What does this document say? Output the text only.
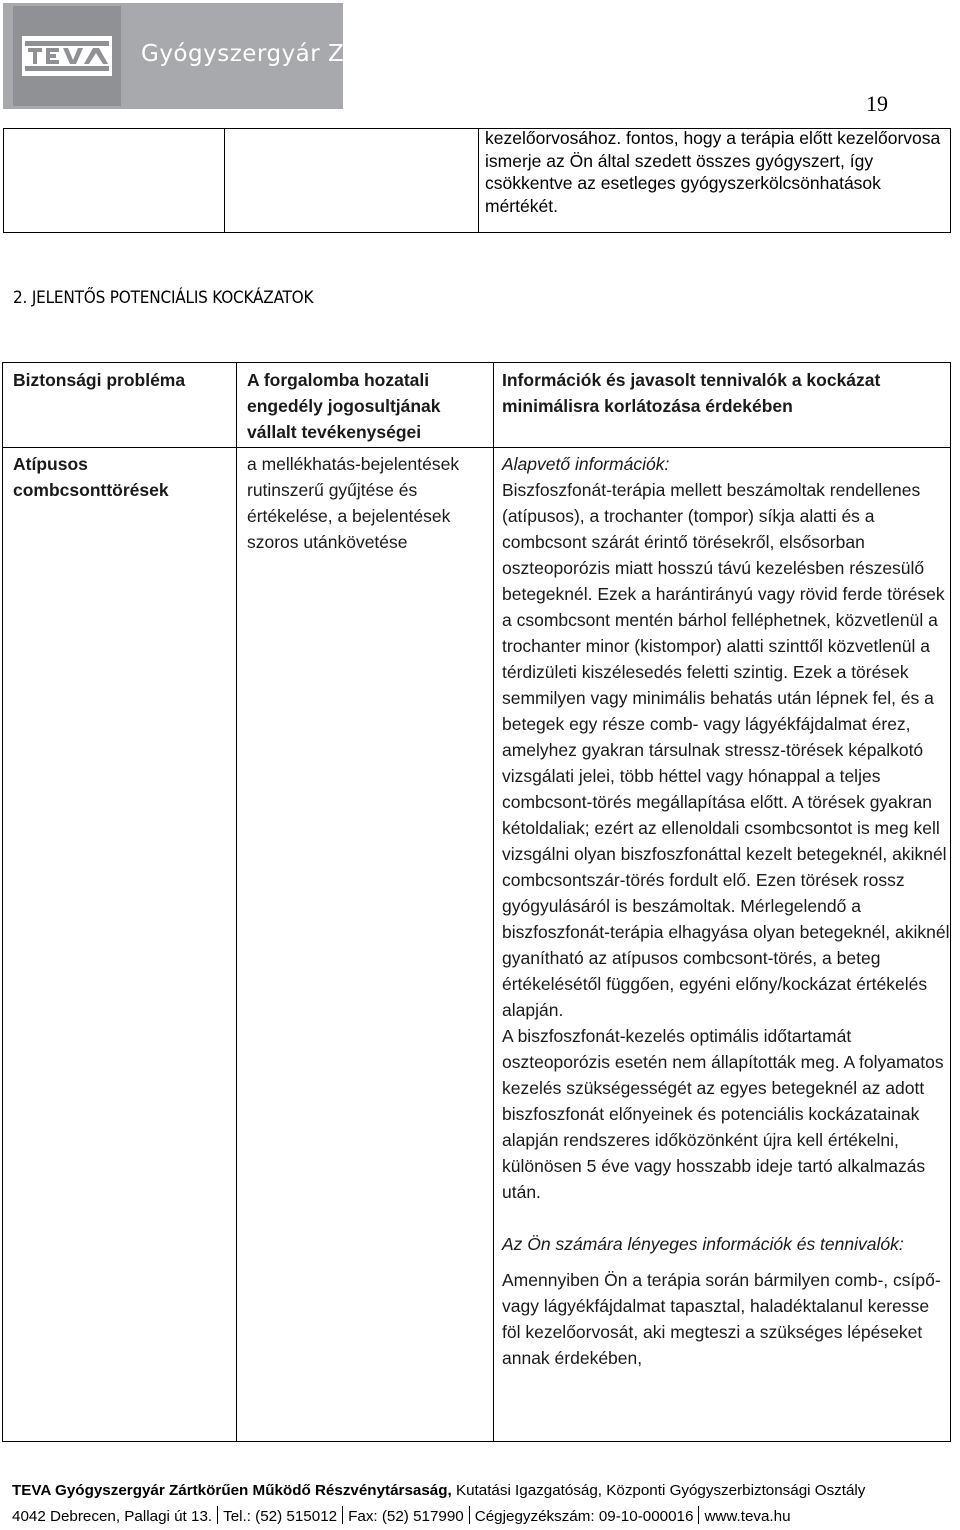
Gyógyszergyár Zrt.
19

kezelőorvosához. fontos, hogy a terápia előtt kezelőorvosa ismerje az Ön által szedett összes gyógyszert, így csökkentve az esetleges gyógyszerkölcsönhatások mértékét.
2. JELENTŐS POTENCIÁLIS KOCKÁZATOK
Biztonsági probléma	A forgalomba hozatali engedély jogosultjának vállalt tevékenységei	Információk és javasolt tennivalók a kockázat minimálisra korlátozása érdekében
Atípusos combcsonttörések	a mellékhatás-bejelentések rutinszerű gyűjtése és értékelése, a bejelentések szoros utánkövetése	Alapvető információk:

Biszfoszfonát-terápia mellett beszámoltak rendellenes (atípusos), a trochanter (tompor) síkja alatti és a combcsont szárát érintő törésekről, elsősorban oszteoporózis miatt hosszú távú kezelésben részesülő betegeknél. Ezek a harántirányú vagy rövid ferde törések a csombcsont mentén bárhol felléphetnek, közvetlenül a trochanter minor (kistompor) alatti szinttől közvetlenül a térdizületi kiszélesedés feletti szintig. Ezek a törések semmilyen vagy minimális behatás után lépnek fel, és a betegek egy része comb- vagy lágyékfájdalmat érez, amelyhez gyakran társulnak stressz-törések képalkotó vizsgálati jelei, több héttel vagy hónappal a teljes combcsont-törés megállapítása előtt. A törések gyakran kétoldaliak; ezért az ellenoldali csombcsontot is meg kell vizsgálni olyan biszfoszfonáttal kezelt betegeknél, akiknél combcsontszár-törés fordult elő. Ezen törések rossz gyógyulásáról is beszámoltak. Mérlegelendő a biszfoszfonát-terápia elhagyása olyan betegeknél, akiknél gyanítható az atípusos combcsont-törés, a beteg értékelésétől függően, egyéni előny/kockázat értékelés alapján.

A biszfoszfonát-kezelés optimális időtartamát oszteoporózis esetén nem állapították meg. A folyamatos kezelés szükségességét az egyes betegeknél az adott biszfoszfonát előnyeinek és potenciális kockázatainak alapján rendszeres időközönként újra kell értékelni, különösen 5 éve vagy hosszabb ideje tartó alkalmazás után.

Az Ön számára lényeges információk és tennivalók:

Amennyiben Ön a terápia során bármilyen comb-, csípő- vagy lágyékfájdalmat tapasztal, haladéktalanul keresse föl kezelőorvosát, aki megteszi a szükséges lépéseket annak érdekében,

TEVA Gyógyszergyár Zártkörűen Működő Részvénytársaság, Kutatási Igazgatóság, Központi Gyógyszerbiztonsági Osztály
4042 Debrecen, Pallagi út 13. Tel.: (52) 515012 Fax: (52) 517990 Cégjegyzékszám: 09-10-000016 www.teva.hu
